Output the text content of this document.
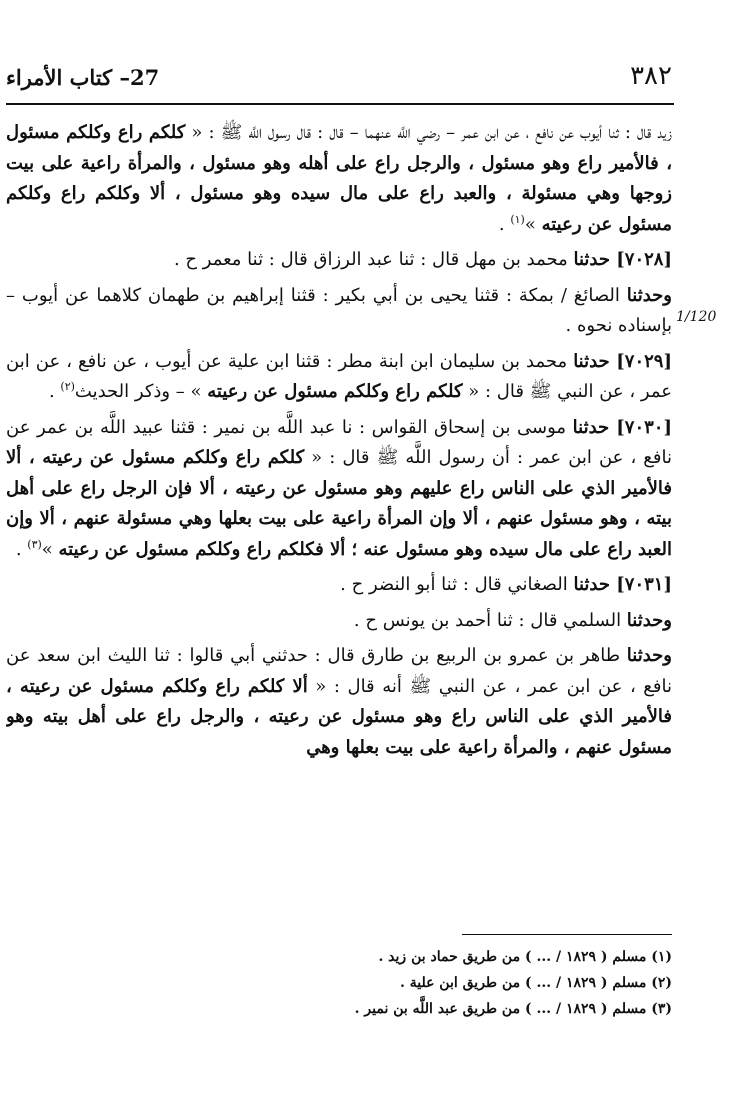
٣٨٢
27– كتاب الأمراء
1/120

زيد قال : ثنا أيوب عن نافع ، عن ابن عمر – رضي اللَّه عنهما – قال : قال رسول اللَّه ﷺ : « كلكم راع وكلكم مسئول ، فالأمير راع وهو مسئول ، والرجل راع على أهله وهو مسئول ، والمرأة راعية على بيت زوجها وهي مسئولة ، والعبد راع على مال سيده وهو مسئول ، ألا وكلكم راع وكلكم مسئول عن رعيته »$^{(١)}$ .

[٧٠٢٨] حدثنا محمد بن مهل قال : ثنا عبد الرزاق قال : ثنا معمر ح .

وحدثنا الصائغ / بمكة : قثنا يحيى بن أبي بكير : قثنا إبراهيم بن طهمان كلاهما عن أيوب – بإسناده نحوه .

[٧٠٢٩] حدثنا محمد بن سليمان ابن ابنة مطر : قثنا ابن علية عن أيوب ، عن نافع ، عن ابن عمر ، عن النبي ﷺ قال : « كلكم راع وكلكم مسئول عن رعيته » – وذكر الحديث$^{(٢)}$ .

[٧٠٣٠] حدثنا موسى بن إسحاق القواس : نا عبد اللَّه بن نمير : قثنا عبيد اللَّه بن عمر عن نافع ، عن ابن عمر : أن رسول اللَّه ﷺ قال : « كلكم راع وكلكم مسئول عن رعيته ، ألا فالأمير الذي على الناس راع عليهم وهو مسئول عن رعيته ، ألا فإن الرجل راع على أهل بيته ، وهو مسئول عنهم ، ألا وإن المرأة راعية على بيت بعلها وهي مسئولة عنهم ، ألا وإن العبد راع على مال سيده وهو مسئول عنه ؛ ألا فكلكم راع وكلكم مسئول عن رعيته »$^{(٣)}$ .

[٧٠٣١] حدثنا الصغاني قال : ثنا أبو النضر ح .

وحدثنا السلمي قال : ثنا أحمد بن يونس ح .

وحدثنا طاهر بن عمرو بن الربيع بن طارق قال : حدثني أبي قالوا : ثنا الليث ابن سعد عن نافع ، عن ابن عمر ، عن النبي ﷺ أنه قال : « ألا كلكم راع وكلكم مسئول عن رعيته ، فالأمير الذي على الناس راع وهو مسئول عن رعيته ، والرجل راع على أهل بيته وهو مسئول عنهم ، والمرأة راعية على بيت بعلها وهي

(١) مسلم ( ١٨٢٩ / ... ) من طريق حماد بن زيد .
(٢) مسلم ( ١٨٢٩ / ... ) من طريق ابن علية .
(٣) مسلم ( ١٨٢٩ / ... ) من طريق عبد اللَّه بن نمير .
